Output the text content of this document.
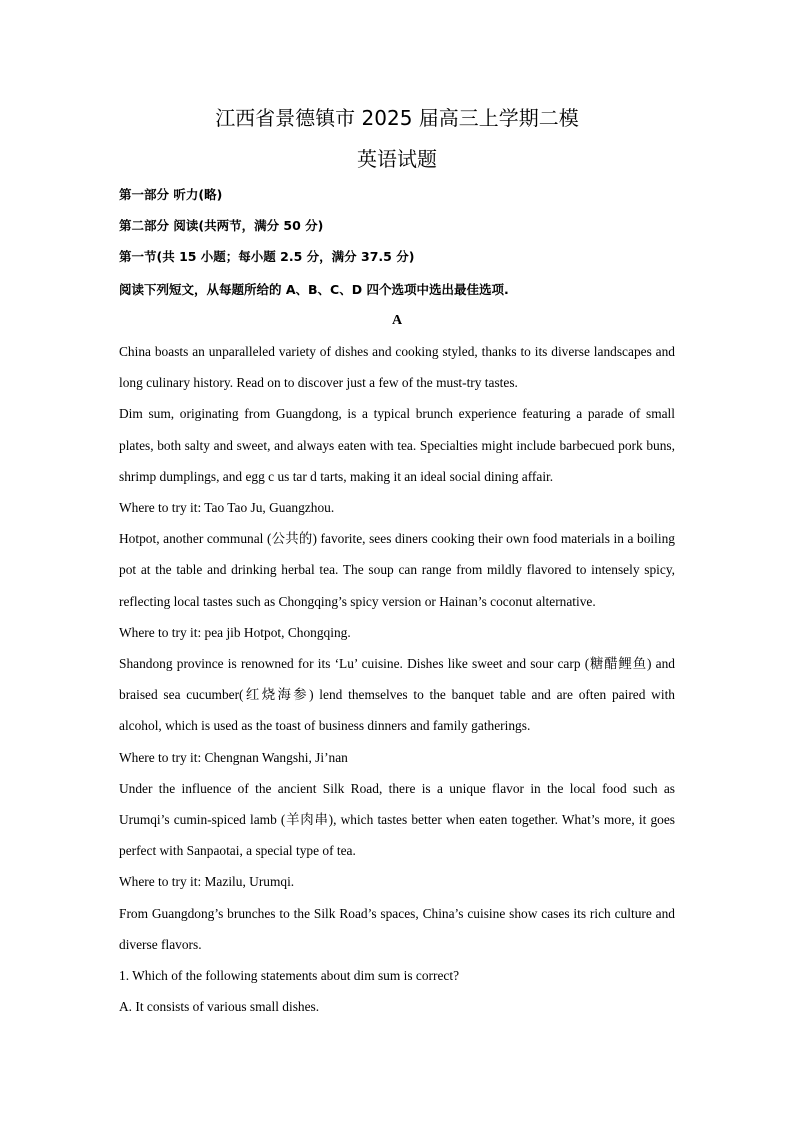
江西省景德镇市 2025 届高三上学期二模
英语试题
第一部分 听力(略)
第二部分 阅读(共两节，满分 50 分)
第一节(共 15 小题；每小题 2.5 分，满分 37.5 分)
阅读下列短文，从每题所给的 A、B、C、D 四个选项中选出最佳选项.
A

China boasts an unparalleled variety of dishes and cooking styled, thanks to its diverse landscapes and long culinary history. Read on to discover just a few of the must-try tastes.

Dim sum, originating from Guangdong, is a typical brunch experience featuring a parade of small plates, both salty and sweet, and always eaten with tea. Specialties might include barbecued pork buns, shrimp dumplings, and egg c us tar d tarts, making it an ideal social dining affair.

Where to try it: Tao Tao Ju, Guangzhou.

Hotpot, another communal (公共的) favorite, sees diners cooking their own food materials in a boiling pot at the table and drinking herbal tea. The soup can range from mildly flavored to intensely spicy, reflecting local tastes such as Chongqing’s spicy version or Hainan’s coconut alternative.

Where to try it: pea jib Hotpot, Chongqing.

Shandong province is renowned for its ‘Lu’ cuisine. Dishes like sweet and sour carp (糖醋鲤鱼) and braised sea cucumber(红烧海参) lend themselves to the banquet table and are often paired with alcohol, which is used as the toast of business dinners and family gatherings.

Where to try it: Chengnan Wangshi, Ji’nan

Under the influence of the ancient Silk Road, there is a unique flavor in the local food such as Urumqi’s cumin-spiced lamb (羊肉串), which tastes better when eaten together. What’s more, it goes perfect with Sanpaotai, a special type of tea.

Where to try it: Mazilu, Urumqi.

From Guangdong’s brunches to the Silk Road’s spaces, China’s cuisine show cases its rich culture and diverse flavors.

1. Which of the following statements about dim sum is correct?

A. It consists of various small dishes.
